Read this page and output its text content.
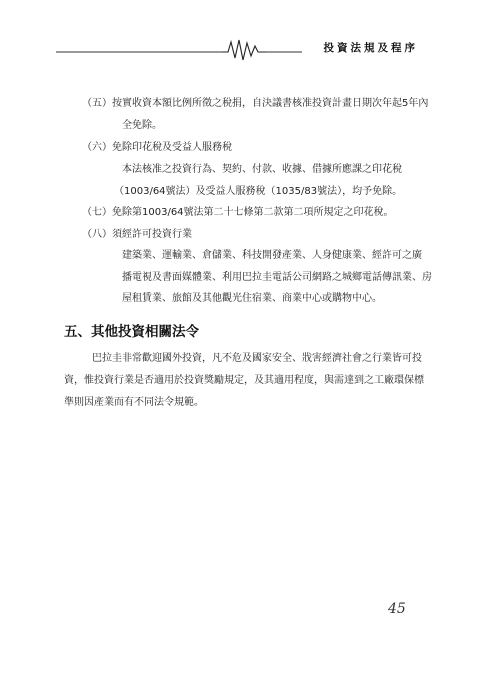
投資法規及程序
（五）按實收資本額比例所徵之稅捐，自決議書核准投資計畫日期次年起5年內
全免除。
（六）免除印花稅及受益人服務稅
本法核准之投資行為、契約、付款、收據、借據所應課之印花稅
（1003/64號法）及受益人服務稅（1035/83號法），均予免除。
（七）免除第1003/64號法第二十七條第二款第二項所規定之印花稅。
（八）須經許可投資行業
建築業、運輸業、倉儲業、科技開發產業、人身健康業、經許可之廣
播電視及書面媒體業、利用巴拉圭電話公司網路之城鄉電話傳訊業、房
屋租賃業、旅館及其他觀光住宿業、商業中心或購物中心。
五、其他投資相關法令
巴拉圭非常歡迎國外投資，凡不危及國家安全、戕害經濟社會之行業皆可投
資，惟投資行業是否適用於投資獎勵規定，及其適用程度，與需達到之工廠環保標
準則因產業而有不同法令規範。
45
